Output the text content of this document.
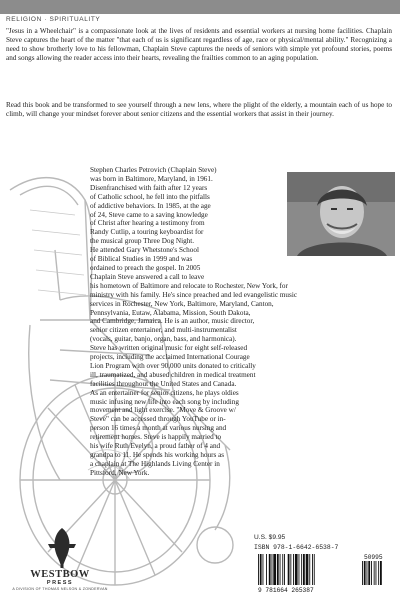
RELIGION · SPIRITUALITY
"Jesus in a Wheelchair" is a compassionate look at the lives of residents and essential workers at nursing home facilities. Chaplain Steve captures the heart of the matter "that each of us is significant regardless of age, race or physical/mental ability." Recognizing a need to show brotherly love to his fellowman, Chaplain Steve captures the needs of seniors with simple yet profound stories, poems and songs allowing the reader access into their hearts, revealing the frailties common to an aging population.
Read this book and be transformed to see yourself through a new lens, where the plight of the elderly, a mountain each of us hope to climb, will change your mindset forever about senior citizens and the essential workers that assist in their journey.
Stephen Charles Petrovich (Chaplain Steve)
was born in Baltimore, Maryland, in 1961.
Disenfranchised with faith after 12 years
of Catholic school, he fell into the pitfalls
of addictive behaviors. In 1985, at the age
of 24, Steve came to a saving knowledge
of Christ after hearing a testimony from
Randy Cutlip, a touring keyboardist for
the musical group Three Dog Night.
He attended Gary Whetstone's School
of Biblical Studies in 1999 and was
ordained to preach the gospel. In 2005
Chaplain Steve answered a call to leave
his hometown of Baltimore and relocate to Rochester, New York, for
ministry with his family. He's since preached and led evangelistic music
services in Rochester, New York, Baltimore, Maryland, Canton,
Pennsylvania, Eutaw, Alabama, Mission, South Dakota,
and Cambridge, Jamaica. He is an author, music director,
senior citizen entertainer, and multi-instrumentalist
(vocals, guitar, banjo, organ, bass, and harmonica).
Steve has written original music for eight self-released
projects, including the acclaimed International Courage
Lion Program with over 90,000 units donated to critically
ill, traumatized, and abused children in medical treatment
facilities throughout the United States and Canada.
As an entertainer for senior citizens, he plays oldies
music infusing new life into each song by including
movement and light exercise. "Move & Groove w/
Steve" can be accessed through YouTube or in-
person 16 times a month at various nursing and
retirement homes. Steve is happily married to
his wife Ruth Evelyn, a proud father of 4 and
grandpa to 11. He spends his working hours as
a chaplain at The Highlands Living Center in
Pittsford, New York.
WESTBOW
PRESS
A DIVISION OF THOMAS NELSON & ZONDERVAN
U.S. $9.95
ISBN 978-1-6642-6538-7
9 781664 265387
50995
